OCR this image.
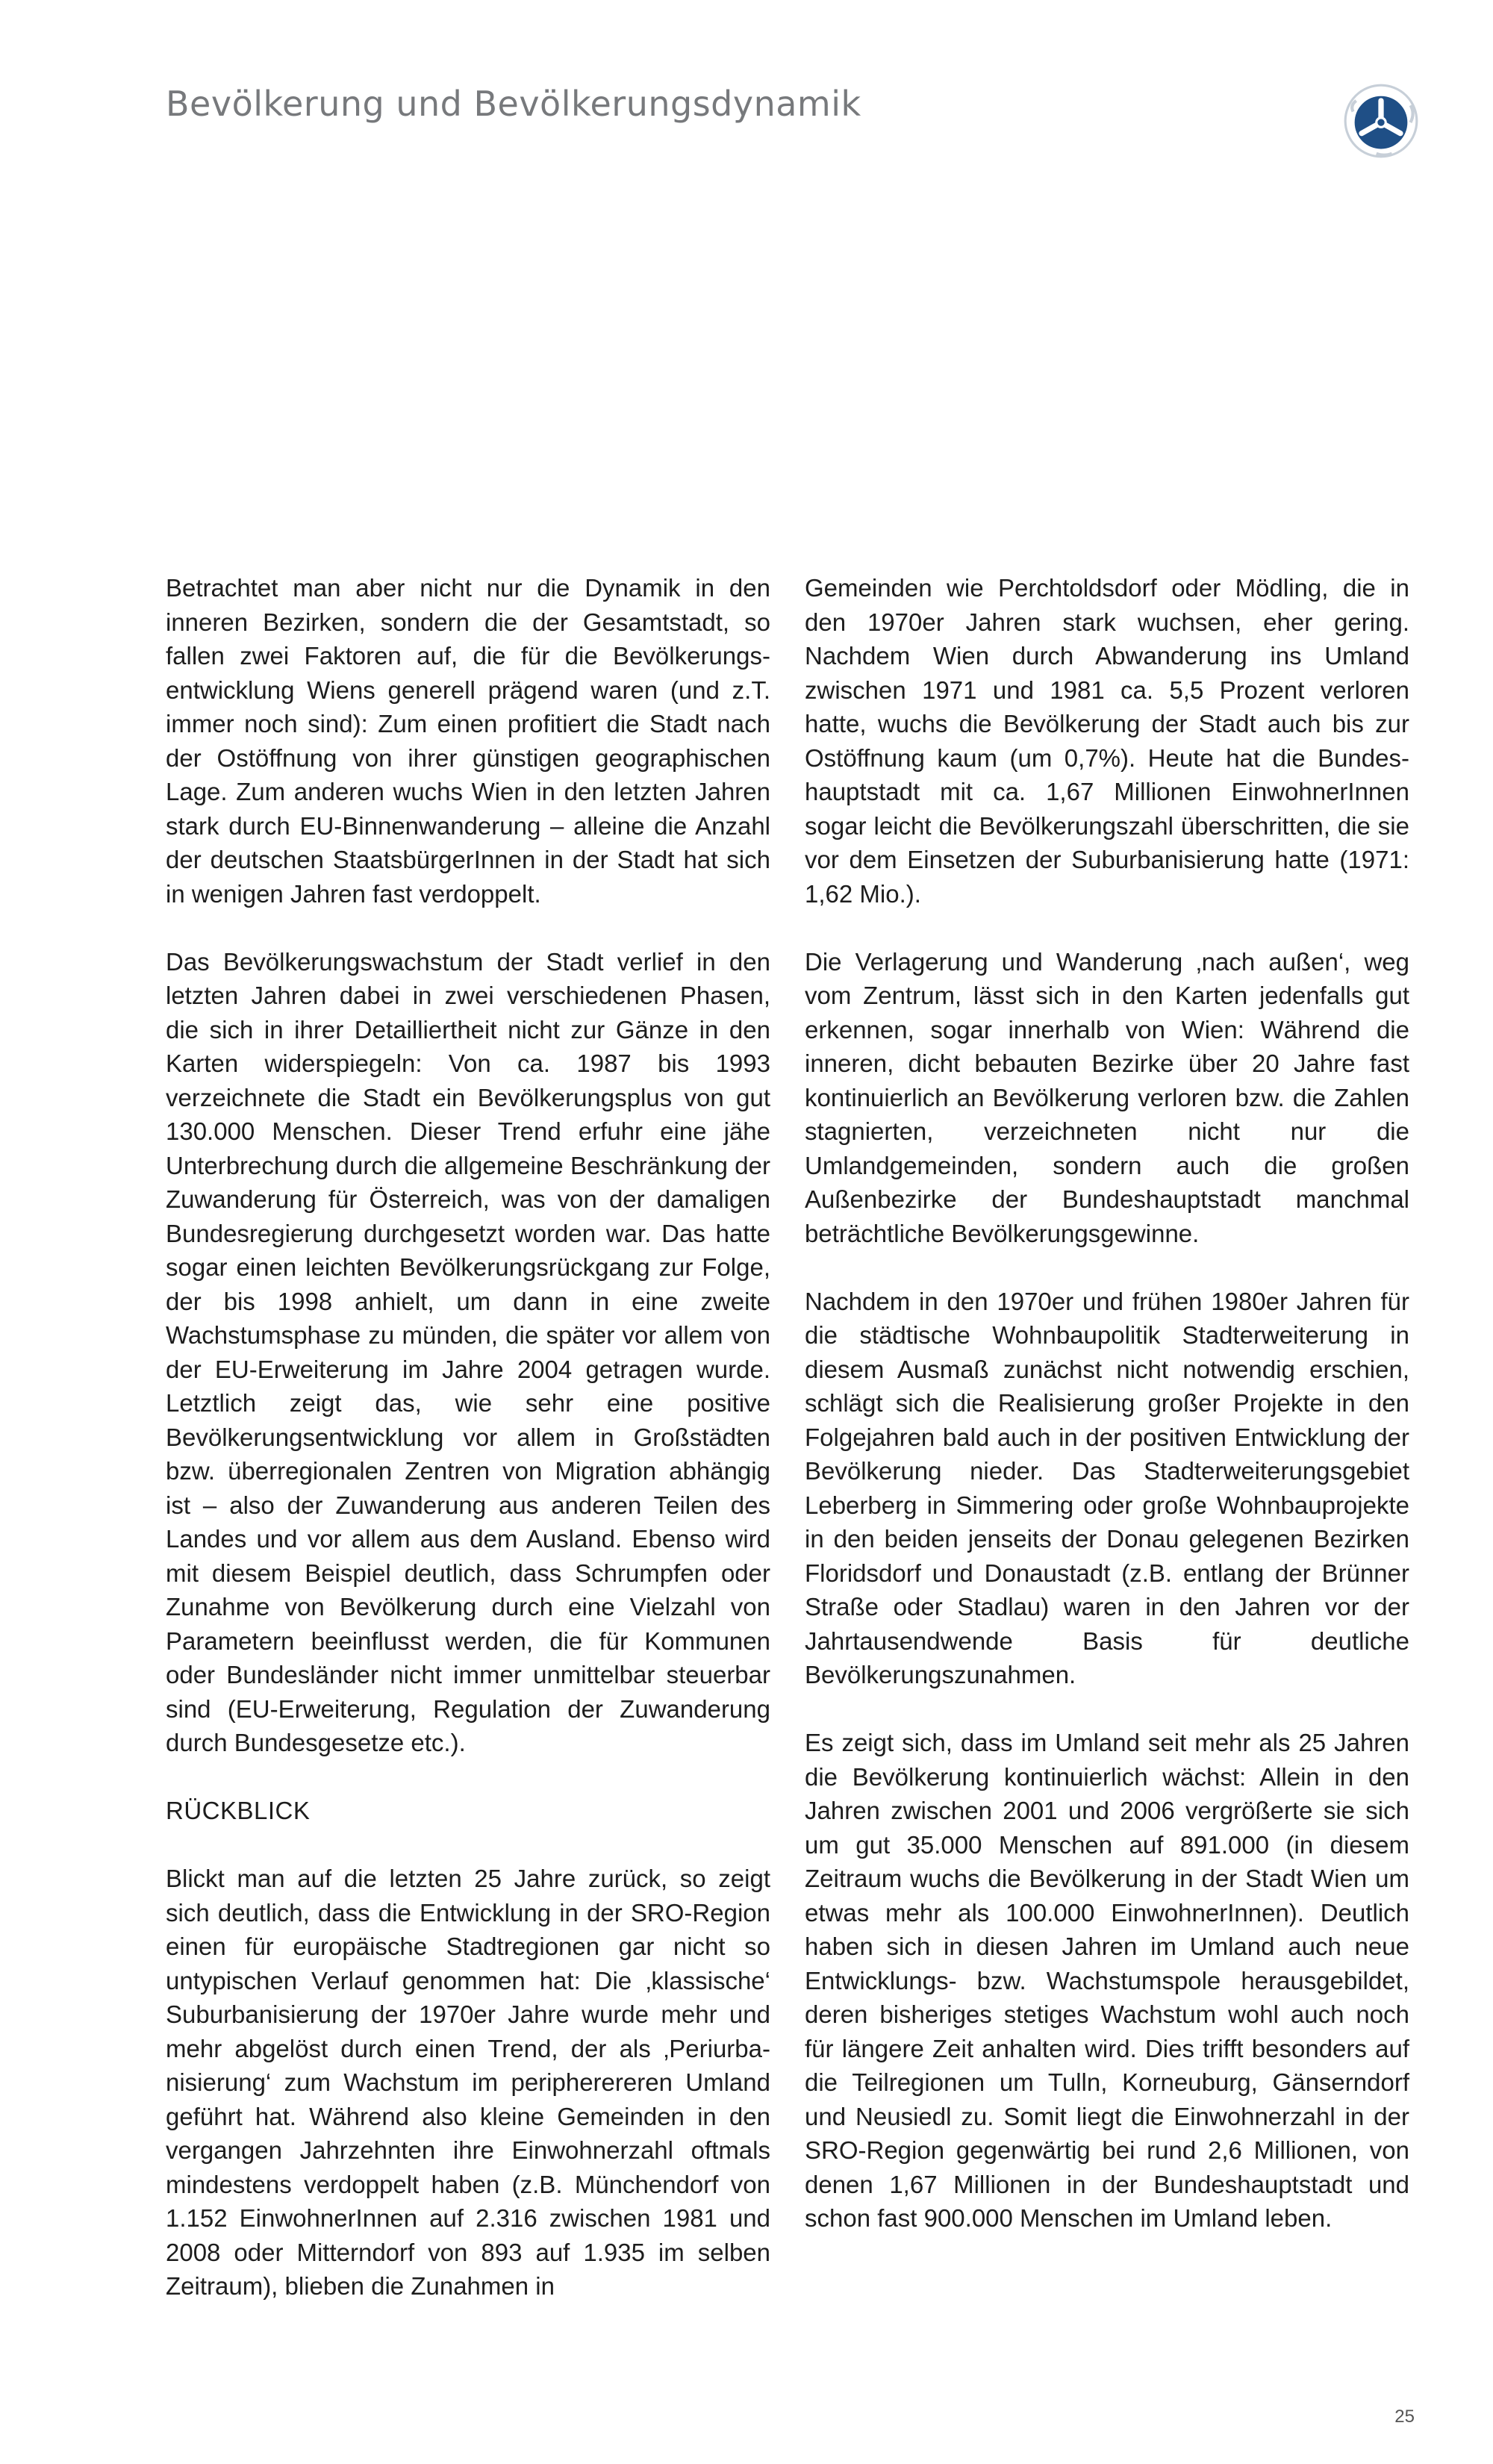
Bevölkerung und Bevölkerungsdynamik

Betrachtet man aber nicht nur die Dynamik in den inneren Bezirken, sondern die der Gesamtstadt, so fallen zwei Faktoren auf, die für die Bevölkerungsentwicklung Wiens generell prägend waren (und z.T. immer noch sind): Zum einen profitiert die Stadt nach der Ostöffnung von ihrer günstigen geographischen Lage. Zum anderen wuchs Wien in den letzten Jahren stark durch EU-Binnenwanderung – alleine die Anzahl der deutschen StaatsbürgerInnen in der Stadt hat sich in wenigen Jahren fast verdoppelt.

Das Bevölkerungswachstum der Stadt verlief in den letzten Jahren dabei in zwei verschiedenen Phasen, die sich in ihrer Detailliertheit nicht zur Gänze in den Karten widerspiegeln: Von ca. 1987 bis 1993 verzeichnete die Stadt ein Bevölkerungsplus von gut 130.000 Menschen. Dieser Trend erfuhr eine jähe Unterbrechung durch die allgemeine Beschränkung der Zuwanderung für Österreich, was von der damaligen Bundesregierung durchgesetzt worden war. Das hatte sogar einen leichten Bevölkerungsrückgang zur Folge, der bis 1998 anhielt, um dann in eine zweite Wachstumsphase zu münden, die später vor allem von der EU-Erweiterung im Jahre 2004 getragen wurde. Letztlich zeigt das, wie sehr eine positive Bevölkerungsentwicklung vor allem in Großstädten bzw. überregionalen Zentren von Migration abhängig ist – also der Zuwanderung aus anderen Teilen des Landes und vor allem aus dem Ausland. Ebenso wird mit diesem Beispiel deutlich, dass Schrumpfen oder Zunahme von Bevölkerung durch eine Vielzahl von Parametern beeinflusst werden, die für Kommunen oder Bundesländer nicht immer unmittelbar steuerbar sind (EU-Erweiterung, Regulation der Zuwanderung durch Bundesgesetze etc.).

RÜCKBLICK

Blickt man auf die letzten 25 Jahre zurück, so zeigt sich deutlich, dass die Entwicklung in der SRO-Region einen für europäische Stadtregionen gar nicht so untypischen Verlauf genommen hat: Die ‚klassische‘ Suburbanisierung der 1970er Jahre wurde mehr und mehr abgelöst durch einen Trend, der als ‚Periurbanisierung‘ zum Wachstum im peripherereren Umland geführt hat. Während also kleine Gemeinden in den vergangen Jahrzehnten ihre Einwohnerzahl oftmals mindestens verdoppelt haben (z.B. Münchendorf von 1.152 EinwohnerInnen auf 2.316 zwischen 1981 und 2008 oder Mitterndorf von 893 auf 1.935 im selben Zeitraum), blieben die Zunahmen in

Gemeinden wie Perchtoldsdorf oder Mödling, die in den 1970er Jahren stark wuchsen, eher gering. Nachdem Wien durch Abwanderung ins Umland zwischen 1971 und 1981 ca. 5,5 Prozent verloren hatte, wuchs die Bevölkerung der Stadt auch bis zur Ostöffnung kaum (um 0,7%). Heute hat die Bundeshauptstadt mit ca. 1,67 Millionen EinwohnerInnen sogar leicht die Bevölkerungszahl überschritten, die sie vor dem Einsetzen der Suburbanisierung hatte (1971: 1,62 Mio.).

Die Verlagerung und Wanderung ‚nach außen‘, weg vom Zentrum, lässt sich in den Karten jedenfalls gut erkennen, sogar innerhalb von Wien: Während die inneren, dicht bebauten Bezirke über 20 Jahre fast kontinuierlich an Bevölkerung verloren bzw. die Zahlen stagnierten, verzeichneten nicht nur die Umlandgemeinden, sondern auch die großen Außenbezirke der Bundeshauptstadt manchmal beträchtliche Bevölkerungsgewinne.

Nachdem in den 1970er und frühen 1980er Jahren für die städtische Wohnbaupolitik Stadterweiterung in diesem Ausmaß zunächst nicht notwendig erschien, schlägt sich die Realisierung großer Projekte in den Folgejahren bald auch in der positiven Entwicklung der Bevölkerung nieder. Das Stadterweiterungsgebiet Leberberg in Simmering oder große Wohnbauprojekte in den beiden jenseits der Donau gelegenen Bezirken Floridsdorf und Donaustadt (z.B. entlang der Brünner Straße oder Stadlau) waren in den Jahren vor der Jahrtausendwende Basis für deutliche Bevölkerungszunahmen.

Es zeigt sich, dass im Umland seit mehr als 25 Jahren die Bevölkerung kontinuierlich wächst: Allein in den Jahren zwischen 2001 und 2006 vergrößerte sie sich um gut 35.000 Menschen auf 891.000 (in diesem Zeitraum wuchs die Bevölkerung in der Stadt Wien um etwas mehr als 100.000 EinwohnerInnen). Deutlich haben sich in diesen Jahren im Umland auch neue Entwicklungs- bzw. Wachstumspole herausgebildet, deren bisheriges stetiges Wachstum wohl auch noch für längere Zeit anhalten wird. Dies trifft besonders auf die Teilregionen um Tulln, Korneuburg, Gänserndorf und Neusiedl zu. Somit liegt die Einwohnerzahl in der SRO-Region gegenwärtig bei rund 2,6 Millionen, von denen 1,67 Millionen in der Bundeshauptstadt und schon fast 900.000 Menschen im Umland leben.

25
